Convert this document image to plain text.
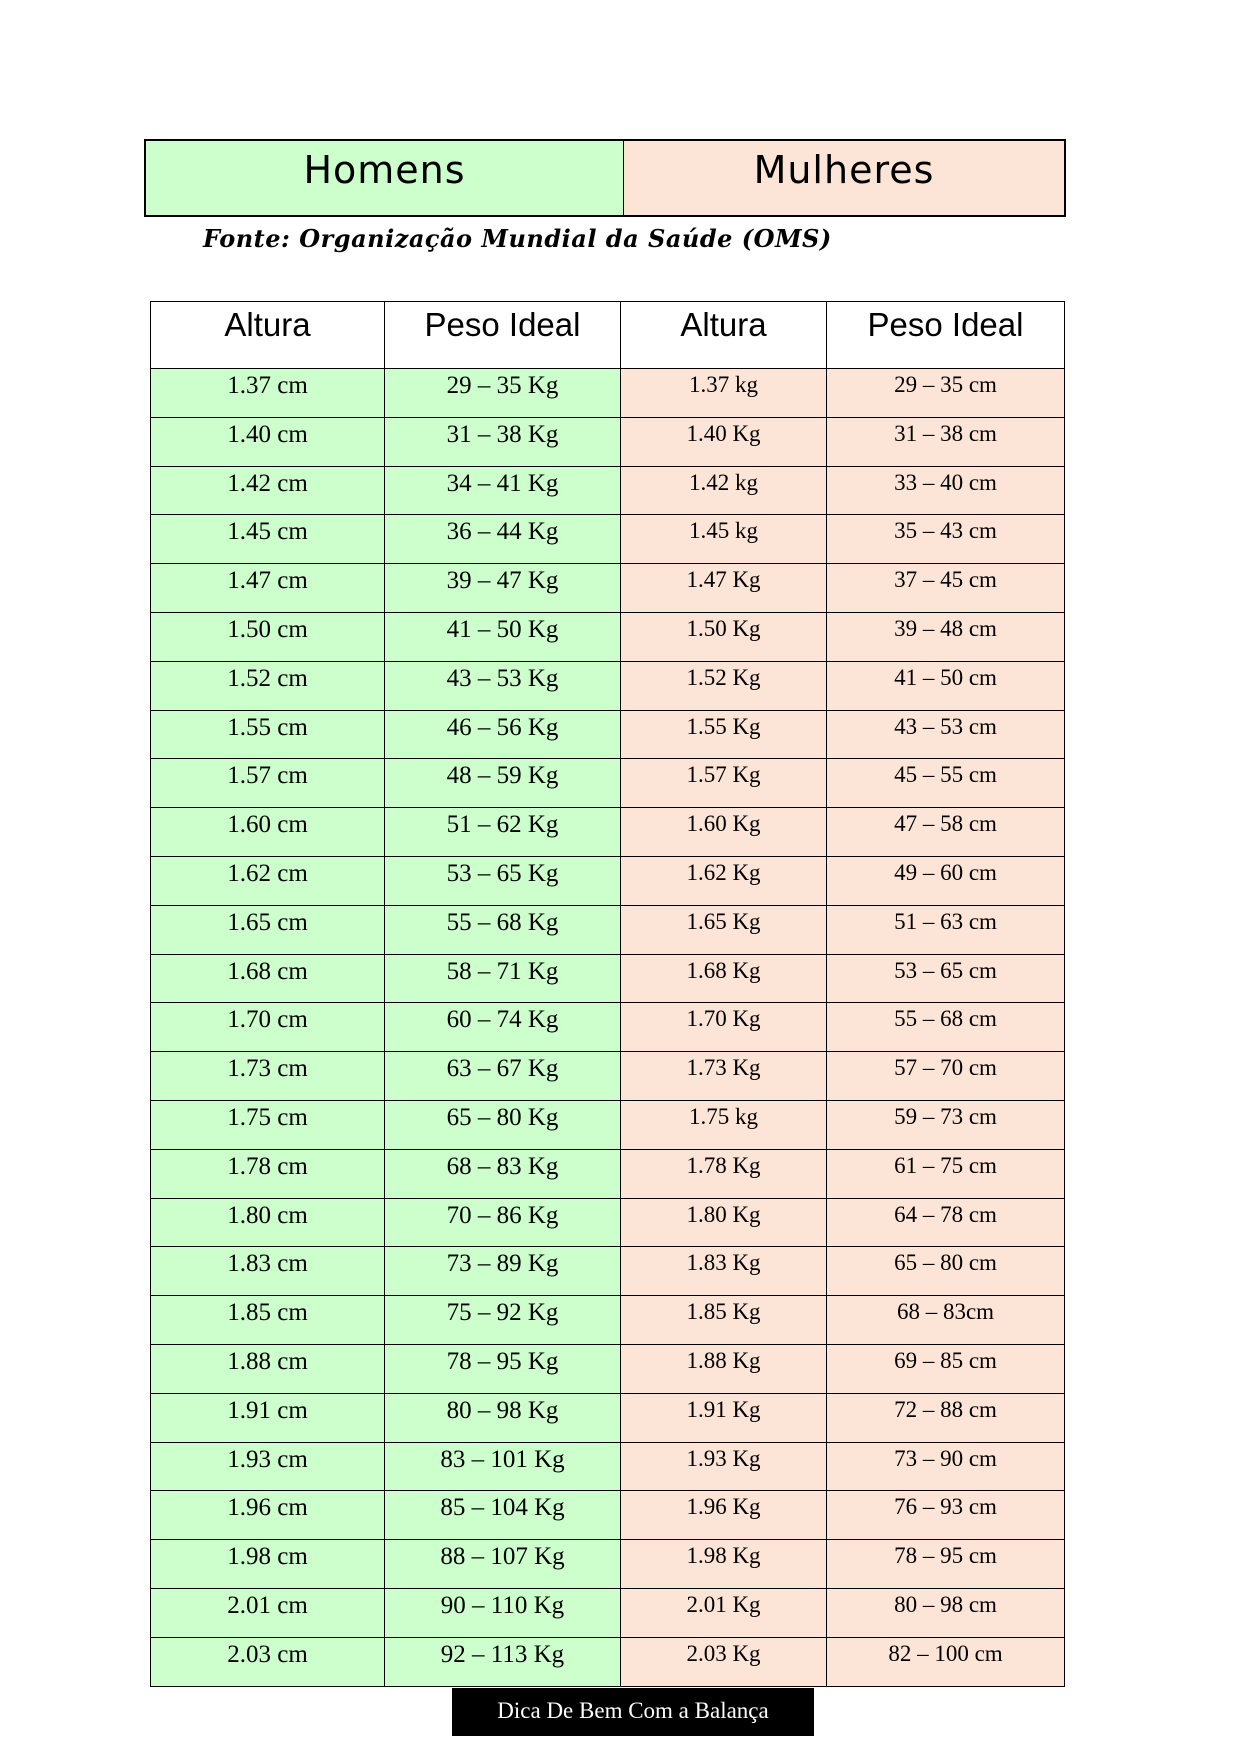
Homens	Mulheres
Fonte: Organização Mundial da Saúde (OMS)
Altura	Peso Ideal	Altura	Peso Ideal
1.37 cm	29 – 35 Kg	1.37 kg	29 – 35 cm
1.40 cm	31 – 38 Kg	1.40 Kg	31 – 38 cm
1.42 cm	34 – 41 Kg	1.42 kg	33 – 40 cm
1.45 cm	36 – 44 Kg	1.45 kg	35 – 43 cm
1.47 cm	39 – 47 Kg	1.47 Kg	37 – 45 cm
1.50 cm	41 – 50 Kg	1.50 Kg	39 – 48 cm
1.52 cm	43 – 53 Kg	1.52 Kg	41 – 50 cm
1.55 cm	46 – 56 Kg	1.55 Kg	43 – 53 cm
1.57 cm	48 – 59 Kg	1.57 Kg	45 – 55 cm
1.60 cm	51 – 62 Kg	1.60 Kg	47 – 58 cm
1.62 cm	53 – 65 Kg	1.62 Kg	49 – 60 cm
1.65 cm	55 – 68 Kg	1.65 Kg	51 – 63 cm
1.68 cm	58 – 71 Kg	1.68 Kg	53 – 65 cm
1.70 cm	60 – 74 Kg	1.70 Kg	55 – 68 cm
1.73 cm	63 – 67 Kg	1.73 Kg	57 – 70 cm
1.75 cm	65 – 80 Kg	1.75 kg	59 – 73 cm
1.78 cm	68 – 83 Kg	1.78 Kg	61 – 75 cm
1.80 cm	70 – 86 Kg	1.80 Kg	64 – 78 cm
1.83 cm	73 – 89 Kg	1.83 Kg	65 – 80 cm
1.85 cm	75 – 92 Kg	1.85 Kg	68 – 83cm
1.88 cm	78 – 95 Kg	1.88 Kg	69 – 85 cm
1.91 cm	80 – 98 Kg	1.91 Kg	72 – 88 cm
1.93 cm	83 – 101 Kg	1.93 Kg	73 – 90 cm
1.96 cm	85 – 104 Kg	1.96 Kg	76 – 93 cm
1.98 cm	88 – 107 Kg	1.98 Kg	78 – 95 cm
2.01 cm	90 – 110 Kg	2.01 Kg	80 – 98 cm
2.03 cm	92 – 113 Kg	2.03 Kg	82 – 100 cm
Dica De Bem Com a Balança
